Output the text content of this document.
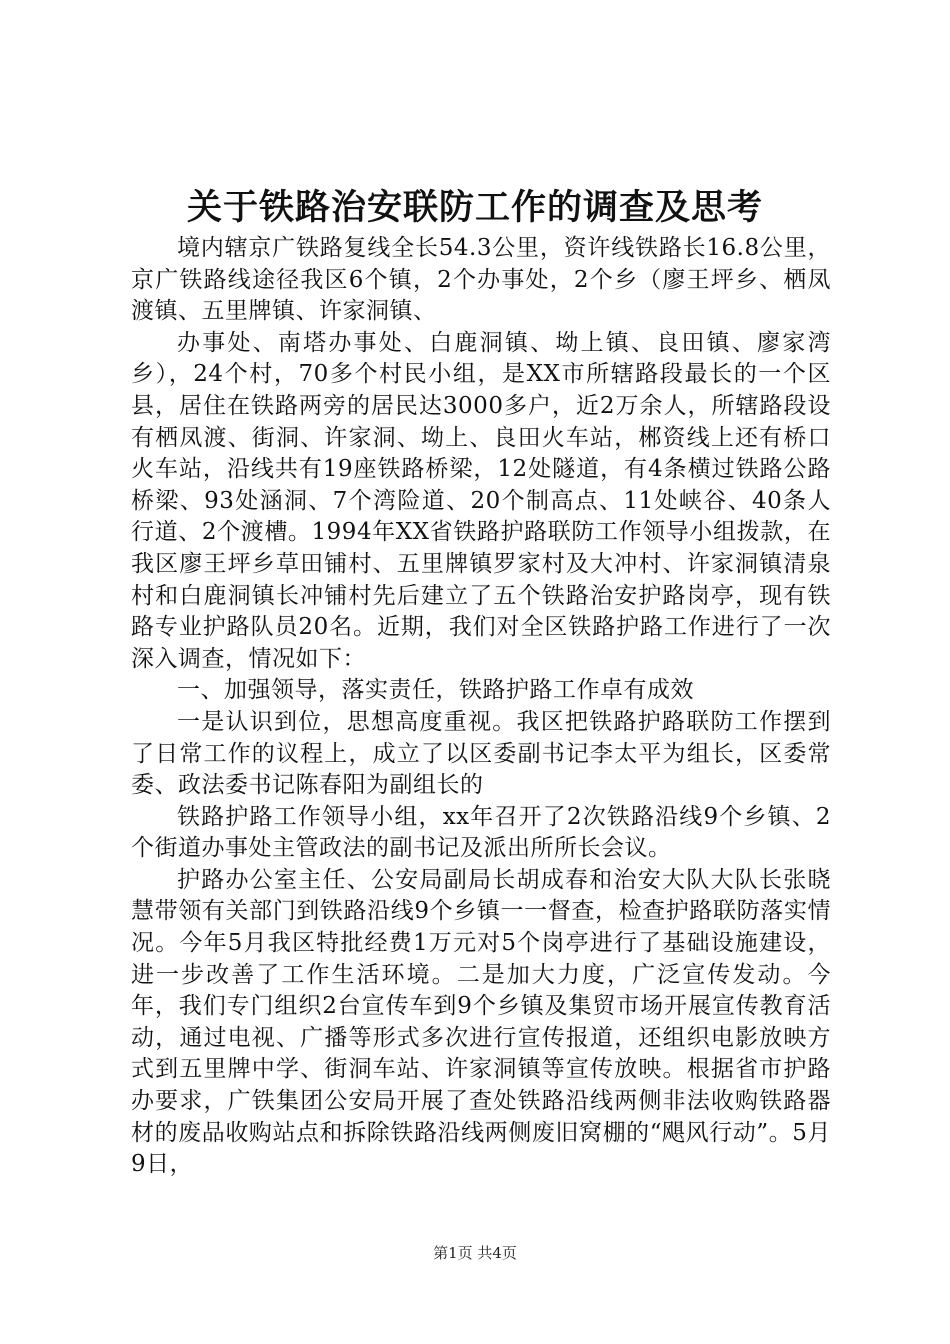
关于铁路治安联防工作的调查及思考

境内辖京广铁路复线全长54.3公里，资许线铁路长16.8公里，京广铁路线途径我区6个镇，2个办事处，2个乡（廖王坪乡、栖凤渡镇、五里牌镇、许家洞镇、

办事处、南塔办事处、白鹿洞镇、坳上镇、良田镇、廖家湾乡），24个村，70多个村民小组，是XX市所辖路段最长的一个区县，居住在铁路两旁的居民达3000多户，近2万余人，所辖路段设有栖凤渡、街洞、许家洞、坳上、良田火车站，郴资线上还有桥口火车站，沿线共有19座铁路桥梁，12处隧道，有4条横过铁路公路桥梁、93处涵洞、7个湾险道、20个制高点、11处峡谷、40条人行道、2个渡槽。1994年XX省铁路护路联防工作领导小组拨款，在我区廖王坪乡草田铺村、五里牌镇罗家村及大冲村、许家洞镇清泉村和白鹿洞镇长冲铺村先后建立了五个铁路治安护路岗亭，现有铁路专业护路队员20名。近期，我们对全区铁路护路工作进行了一次深入调查，情况如下：

一、加强领导，落实责任，铁路护路工作卓有成效

一是认识到位，思想高度重视。我区把铁路护路联防工作摆到了日常工作的议程上，成立了以区委副书记李太平为组长，区委常委、政法委书记陈春阳为副组长的

铁路护路工作领导小组，xx年召开了2次铁路沿线9个乡镇、2个街道办事处主管政法的副书记及派出所所长会议。

护路办公室主任、公安局副局长胡成春和治安大队大队长张晓慧带领有关部门到铁路沿线9个乡镇一一督查，检查护路联防落实情况。今年5月我区特批经费1万元对5个岗亭进行了基础设施建设，进一步改善了工作生活环境。二是加大力度，广泛宣传发动。今年，我们专门组织2台宣传车到9个乡镇及集贸市场开展宣传教育活动，通过电视、广播等形式多次进行宣传报道，还组织电影放映方式到五里牌中学、街洞车站、许家洞镇等宣传放映。根据省市护路办要求，广铁集团公安局开展了查处铁路沿线两侧非法收购铁路器材的废品收购站点和拆除铁路沿线两侧废旧窝棚的“飓风行动”。5月9日，

第1页 共4页
